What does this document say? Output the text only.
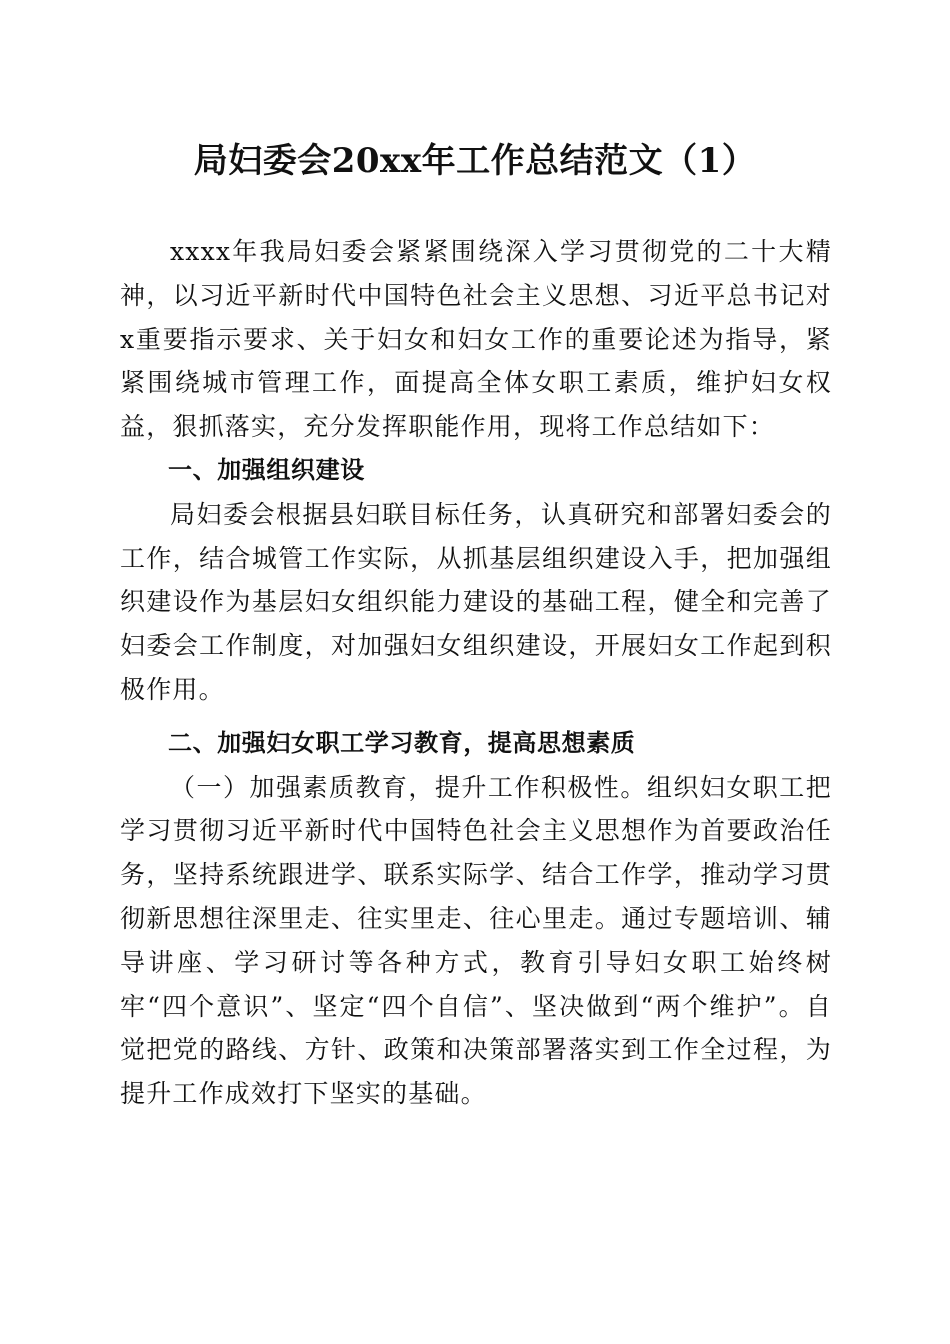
局妇委会20xx年工作总结范文（1）

xxxx年我局妇委会紧紧围绕深入学习贯彻党的二十大精神，以习近平新时代中国特色社会主义思想、习近平总书记对x重要指示要求、关于妇女和妇女工作的重要论述为指导，紧紧围绕城市管理工作，面提高全体女职工素质，维护妇女权益，狠抓落实，充分发挥职能作用，现将工作总结如下：

一、加强组织建设

局妇委会根据县妇联目标任务，认真研究和部署妇委会的工作，结合城管工作实际，从抓基层组织建设入手，把加强组织建设作为基层妇女组织能力建设的基础工程，健全和完善了妇委会工作制度，对加强妇女组织建设，开展妇女工作起到积极作用。

二、加强妇女职工学习教育，提高思想素质

（一）加强素质教育，提升工作积极性。组织妇女职工把学习贯彻习近平新时代中国特色社会主义思想作为首要政治任务，坚持系统跟进学、联系实际学、结合工作学，推动学习贯彻新思想往深里走、往实里走、往心里走。通过专题培训、辅导讲座、学习研讨等各种方式，教育引导妇女职工始终树牢“四个意识”、坚定“四个自信”、坚决做到“两个维护”。自觉把党的路线、方针、政策和决策部署落实到工作全过程，为提升工作成效打下坚实的基础。
